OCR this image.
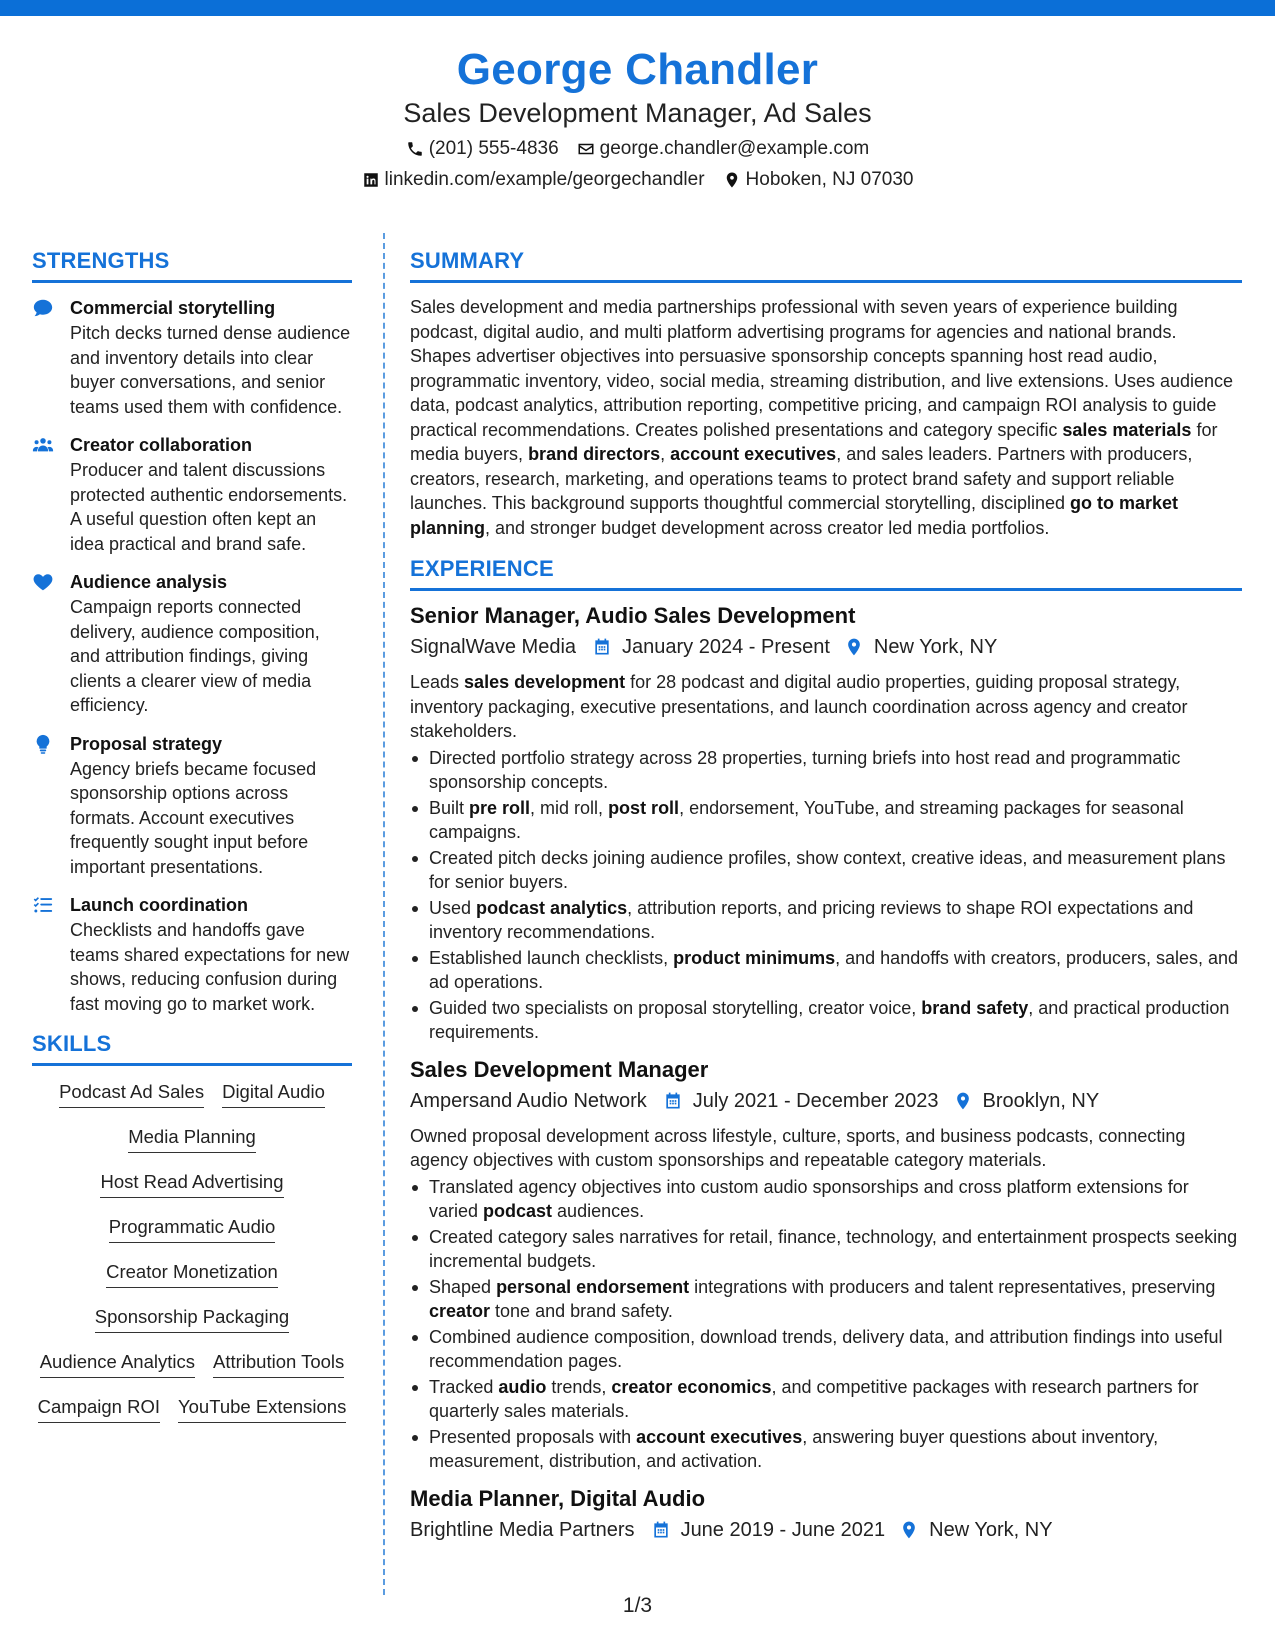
George Chandler
Sales Development Manager, Ad Sales
(201) 555-4836 george.chandler@example.com
linkedin.com/example/georgechandler Hoboken, NJ 07030
STRENGTHS
Commercial storytelling
Pitch decks turned dense audience and inventory details into clear buyer conversations, and senior teams used them with confidence.
Creator collaboration
Producer and talent discussions protected authentic endorsements. A useful question often kept an idea practical and brand safe.
Audience analysis
Campaign reports connected delivery, audience composition, and attribution findings, giving clients a clearer view of media efficiency.
Proposal strategy
Agency briefs became focused sponsorship options across formats. Account executives frequently sought input before important presentations.
Launch coordination
Checklists and handoffs gave teams shared expectations for new shows, reducing confusion during fast moving go to market work.
SKILLS
Podcast Ad Sales Digital Audio
Media Planning
Host Read Advertising
Programmatic Audio
Creator Monetization
Sponsorship Packaging
Audience Analytics Attribution Tools
Campaign ROI YouTube Extensions
SUMMARY
Sales development and media partnerships professional with seven years of experience building podcast, digital audio, and multi platform advertising programs for agencies and national brands. Shapes advertiser objectives into persuasive sponsorship concepts spanning host read audio, programmatic inventory, video, social media, streaming distribution, and live extensions. Uses audience data, podcast analytics, attribution reporting, competitive pricing, and campaign ROI analysis to guide practical recommendations. Creates polished presentations and category specific sales materials for media buyers, brand directors, account executives, and sales leaders. Partners with producers, creators, research, marketing, and operations teams to protect brand safety and support reliable launches. This background supports thoughtful commercial storytelling, disciplined go to market planning, and stronger budget development across creator led media portfolios.
EXPERIENCE
Senior Manager, Audio Sales Development
SignalWave Media January 2024 - Present New York, NY
Leads sales development for 28 podcast and digital audio properties, guiding proposal strategy, inventory packaging, executive presentations, and launch coordination across agency and creator stakeholders.
Directed portfolio strategy across 28 properties, turning briefs into host read and programmatic sponsorship concepts.
Built pre roll, mid roll, post roll, endorsement, YouTube, and streaming packages for seasonal campaigns.
Created pitch decks joining audience profiles, show context, creative ideas, and measurement plans for senior buyers.
Used podcast analytics, attribution reports, and pricing reviews to shape ROI expectations and inventory recommendations.
Established launch checklists, product minimums, and handoffs with creators, producers, sales, and ad operations.
Guided two specialists on proposal storytelling, creator voice, brand safety, and practical production requirements.
Sales Development Manager
Ampersand Audio Network July 2021 - December 2023 Brooklyn, NY
Owned proposal development across lifestyle, culture, sports, and business podcasts, connecting agency objectives with custom sponsorships and repeatable category materials.
Translated agency objectives into custom audio sponsorships and cross platform extensions for varied podcast audiences.
Created category sales narratives for retail, finance, technology, and entertainment prospects seeking incremental budgets.
Shaped personal endorsement integrations with producers and talent representatives, preserving creator tone and brand safety.
Combined audience composition, download trends, delivery data, and attribution findings into useful recommendation pages.
Tracked audio trends, creator economics, and competitive packages with research partners for quarterly sales materials.
Presented proposals with account executives, answering buyer questions about inventory, measurement, distribution, and activation.
Media Planner, Digital Audio
Brightline Media Partners June 2019 - June 2021 New York, NY
1/3
